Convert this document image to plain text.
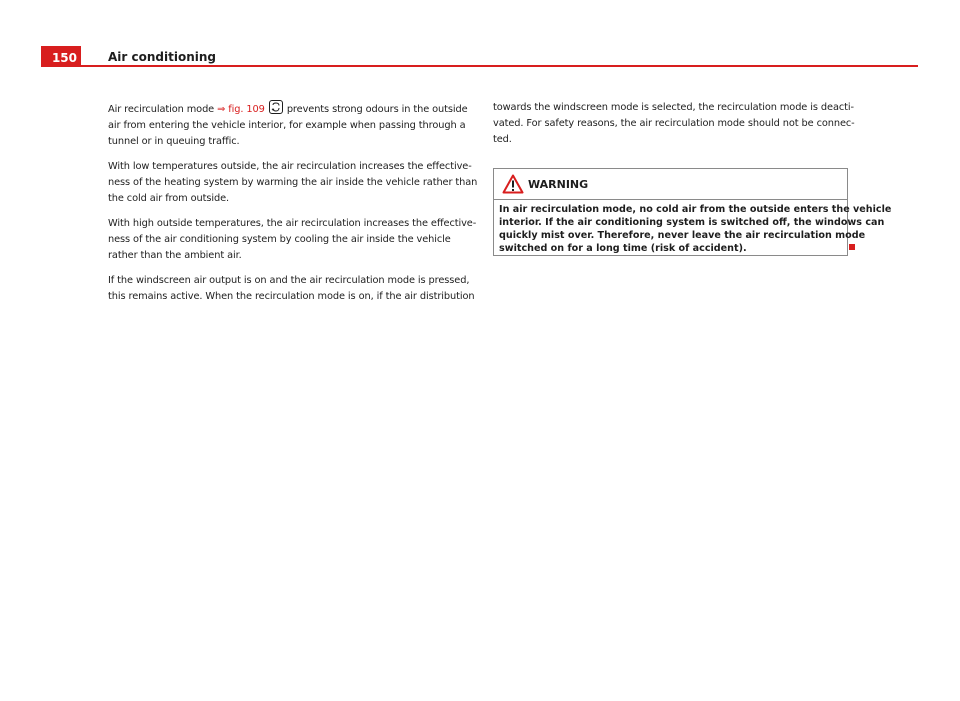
150	Air conditioning

Air recirculation mode ⇒ fig. 109
prevents strong odours in the outside
air from entering the vehicle interior, for example when passing through a
tunnel or in queuing traffic.

With low temperatures outside, the air recirculation increases the effective-
ness of the heating system by warming the air inside the vehicle rather than
the cold air from outside.

With high outside temperatures, the air recirculation increases the effective-
ness of the air conditioning system by cooling the air inside the vehicle
rather than the ambient air.

If the windscreen air output is on and the air recirculation mode is pressed,
this remains active. When the recirculation mode is on, if the air distribution

towards the windscreen mode is selected, the recirculation mode is deacti-
vated. For safety reasons, the air recirculation mode should not be connec-
ted.

WARNING
In air recirculation mode, no cold air from the outside enters the vehicle
interior. If the air conditioning system is switched off, the windows can
quickly mist over. Therefore, never leave the air recirculation mode
switched on for a long time (risk of accident).
